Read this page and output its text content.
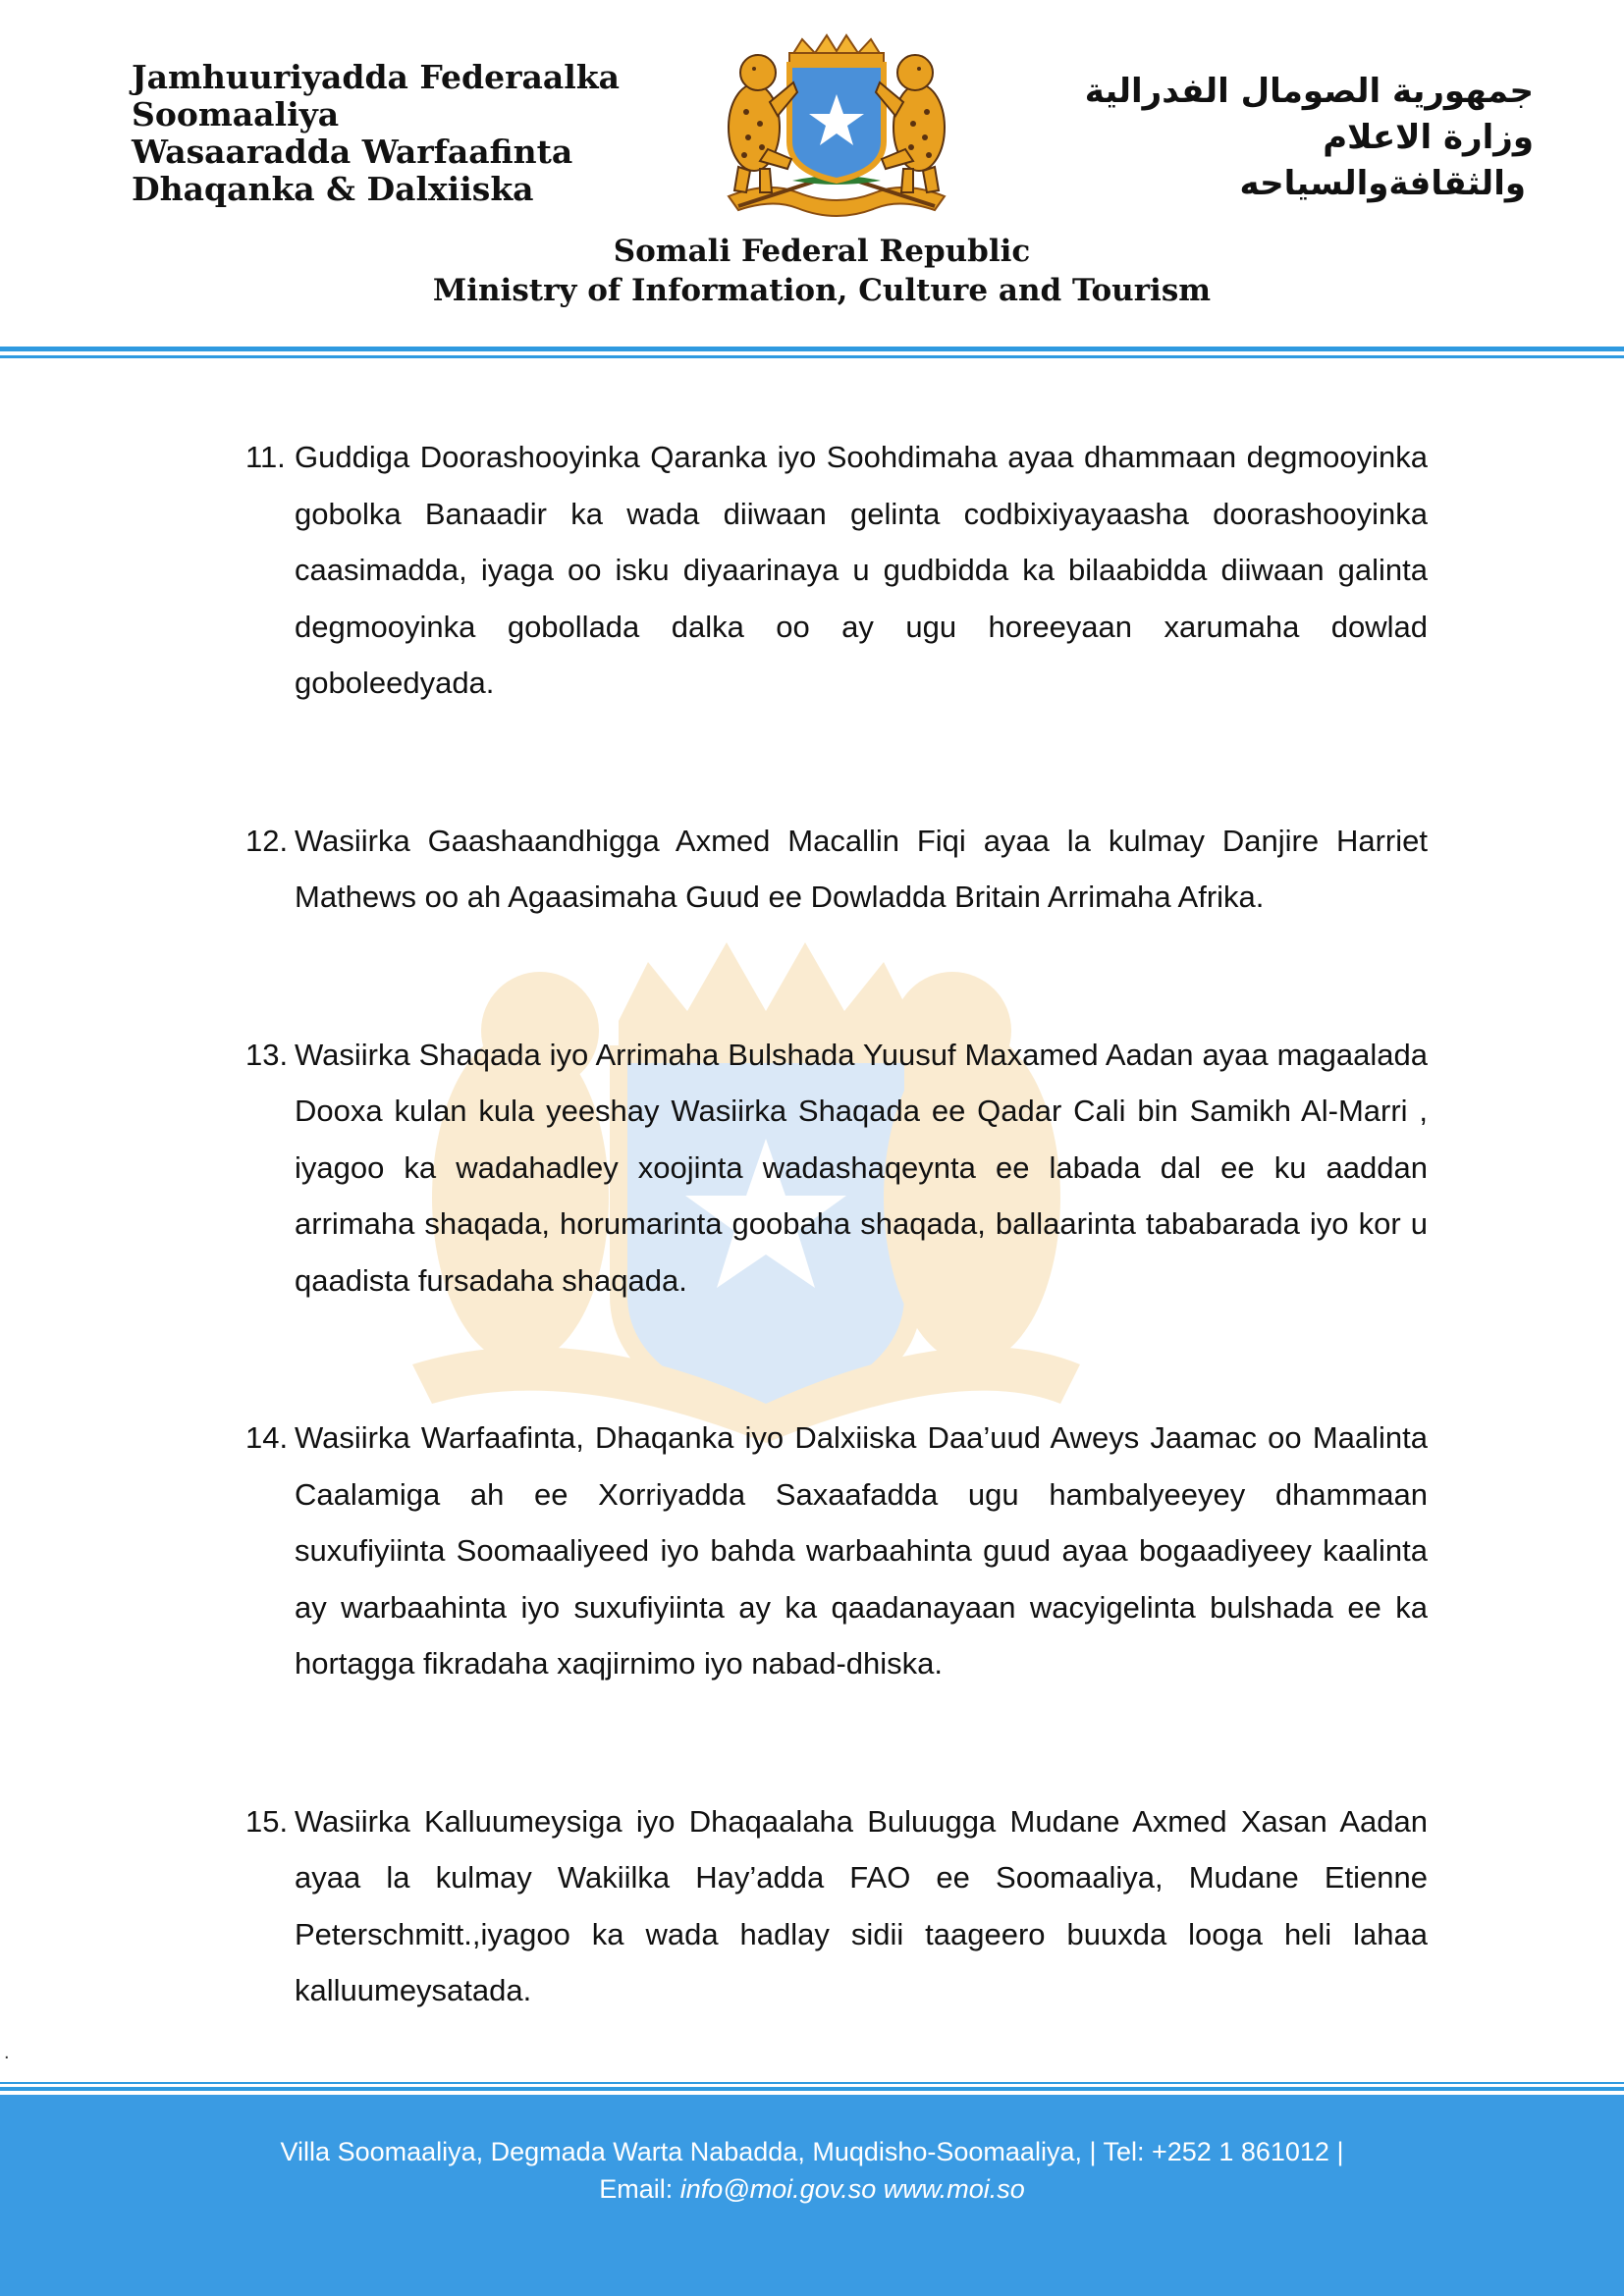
Jamhuuriyadda Federaalka
Soomaaliya
Wasaaradda Warfaafinta
Dhaqanka & Dalxiiska
جمهورية الصومال الفدرالية
وزارة الاعلام
والثقافةوالسياحه
Somali Federal Republic
Ministry of Information, Culture and Tourism
11. Guddiga Doorashooyinka Qaranka iyo Soohdimaha ayaa dhammaan degmooyinka gobolka Banaadir ka wada diiwaan gelinta codbixiyayaasha doorashooyinka caasimadda, iyaga oo isku diyaarinaya u gudbidda ka bilaabidda diiwaan galinta degmooyinka gobollada dalka oo ay ugu horeeyaan xarumaha dowlad goboleedyada.
12. Wasiirka Gaashaandhigga Axmed Macallin Fiqi ayaa la kulmay Danjire Harriet Mathews oo ah Agaasimaha Guud ee Dowladda Britain Arrimaha Afrika.
13. Wasiirka Shaqada iyo Arrimaha Bulshada Yuusuf Maxamed Aadan ayaa magaalada Dooxa kulan kula yeeshay Wasiirka Shaqada ee Qadar Cali bin Samikh Al-Marri , iyagoo ka wadahadley xoojinta wadashaqeynta ee labada dal ee ku aaddan arrimaha shaqada, horumarinta goobaha shaqada, ballaarinta tababarada iyo kor u qaadista fursadaha shaqada.
14. Wasiirka Warfaafinta, Dhaqanka iyo Dalxiiska Daa’uud Aweys Jaamac oo Maalinta Caalamiga ah ee Xorriyadda Saxaafadda ugu hambalyeeyey dhammaan suxufiyiinta Soomaaliyeed iyo bahda warbaahinta guud ayaa bogaadiyeey kaalinta ay warbaahinta iyo suxufiyiinta ay ka qaadanayaan wacyigelinta bulshada ee ka hortagga fikradaha xaqjirnimo iyo nabad-dhiska.
15. Wasiirka Kalluumeysiga iyo Dhaqaalaha Buluugga Mudane Axmed Xasan Aadan ayaa la kulmay Wakiilka Hay’adda FAO ee Soomaaliya, Mudane Etienne Peterschmitt.,iyagoo ka wada hadlay sidii taageero buuxda looga heli lahaa kalluumeysatada.
.
Villa Soomaaliya, Degmada Warta Nabadda, Muqdisho-Soomaaliya, | Tel: +252 1 861012 |
Email: info@moi.gov.so www.moi.so
